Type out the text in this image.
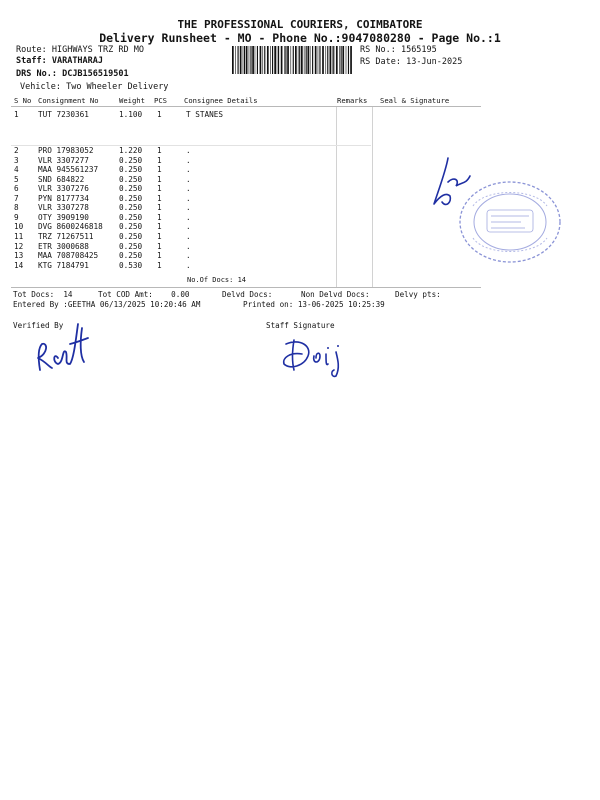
THE PROFESSIONAL COURIERS, COIMBATORE
Delivery Runsheet - MO - Phone No.:9047080280 - Page No.:1
Route: HIGHWAYS TRZ RD MO
Staff: VARATHARAJ
DRS No.: DCJB156519501
Vehicle: Two Wheeler Delivery
RS No.: 1565195
RS Date: 13-Jun-2025
S No Consignment No	Weight PCS Consignee Details	Remarks Seal & Signature
1	TUT 7230361	1.100 1	T STANES
2	PRO 17983052	1.220 1	.
3	VLR 3307277	0.250 1	.
4	MAA 945561237	0.250 1	.
5	SND 684822	0.250 1	.
6	VLR 3307276	0.250 1	.
7	PYN 8177734	0.250 1	.
8	VLR 3307278	0.250 1	.
9	OTY 3909190	0.250 1	.
10 DVG 8600246818 0.250 1	.
11 TRZ 71267511	0.250 1	.
12 ETR 3000688	0.250 1	.
13 MAA 708708425	0.250 1	.
14 KTG 7184791	0.530 1	.
No.Of Docs: 14
Tot Docs: 14	Tot COD Amt: 0.00	Delvd Docs:	Non Delvd Docs:	Delvy pts:
Entered By :GEETHA 06/13/2025 10:20:46 AM	Printed on: 13-06-2025 10:25:39
Verified By	Staff Signature
